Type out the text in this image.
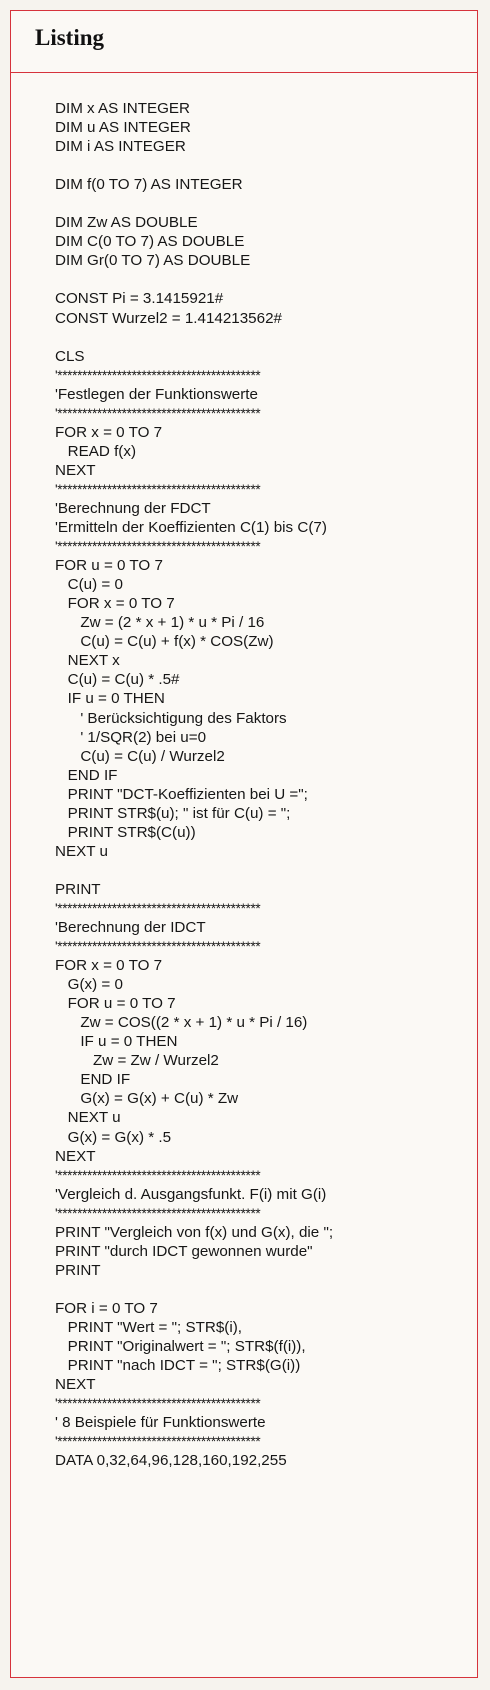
Listing
DIM x AS INTEGER
DIM u AS INTEGER
DIM i AS INTEGER
DIM f(0 TO 7) AS INTEGER
DIM Zw AS DOUBLE
DIM C(0 TO 7) AS DOUBLE
DIM Gr(0 TO 7) AS DOUBLE
CONST Pi = 3.1415921#
CONST Wurzel2 = 1.414213562#
CLS
'*****************************************
'Festlegen der Funktionswerte
'*****************************************
FOR x = 0 TO 7
READ f(x)
NEXT
'*****************************************
'Berechnung der FDCT
'Ermitteln der Koeffizienten C(1) bis C(7)
'*****************************************
FOR u = 0 TO 7
C(u) = 0
FOR x = 0 TO 7
Zw = (2 * x + 1) * u * Pi / 16
C(u) = C(u) + f(x) * COS(Zw)
NEXT x
C(u) = C(u) * .5#
IF u = 0 THEN
' Berücksichtigung des Faktors
' 1/SQR(2) bei u=0
C(u) = C(u) / Wurzel2
END IF
PRINT "DCT-Koeffizienten bei U =";
PRINT STR$(u); " ist für C(u) = ";
PRINT STR$(C(u))
NEXT u
PRINT
'*****************************************
'Berechnung der IDCT
'*****************************************
FOR x = 0 TO 7
G(x) = 0
FOR u = 0 TO 7
Zw = COS((2 * x + 1) * u * Pi / 16)
IF u = 0 THEN
Zw = Zw / Wurzel2
END IF
G(x) = G(x) + C(u) * Zw
NEXT u
G(x) = G(x) * .5
NEXT
'*****************************************
'Vergleich d. Ausgangsfunkt. F(i) mit G(i)
'*****************************************
PRINT "Vergleich von f(x) und G(x), die ";
PRINT "durch IDCT gewonnen wurde"
PRINT
FOR i = 0 TO 7
PRINT "Wert = "; STR$(i),
PRINT "Originalwert = "; STR$(f(i)),
PRINT "nach IDCT = "; STR$(G(i))
NEXT
'*****************************************
' 8 Beispiele für Funktionswerte
'*****************************************
DATA 0,32,64,96,128,160,192,255
